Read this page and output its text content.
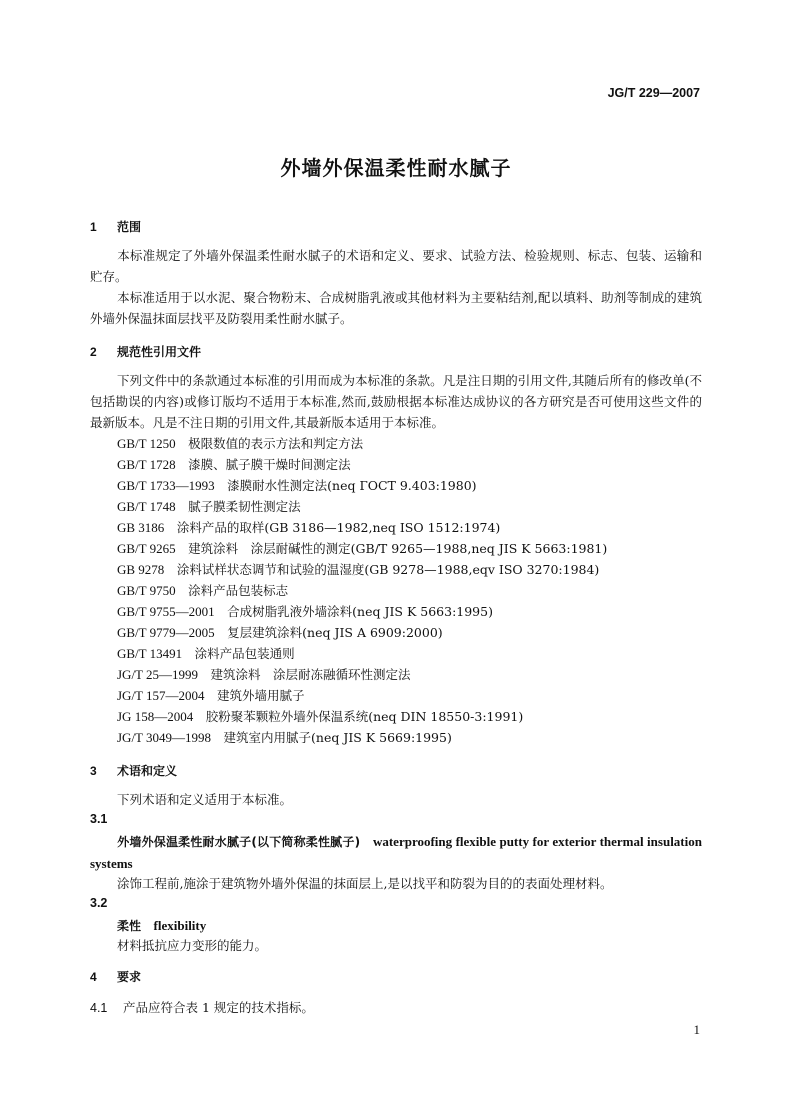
JG/T 229—2007
外墙外保温柔性耐水腻子
1 范围
本标准规定了外墙外保温柔性耐水腻子的术语和定义、要求、试验方法、检验规则、标志、包装、运输和贮存。
本标准适用于以水泥、聚合物粉末、合成树脂乳液或其他材料为主要粘结剂,配以填料、助剂等制成的建筑外墙外保温抹面层找平及防裂用柔性耐水腻子。
2 规范性引用文件
下列文件中的条款通过本标准的引用而成为本标准的条款。凡是注日期的引用文件,其随后所有的修改单(不包括勘误的内容)或修订版均不适用于本标准,然而,鼓励根据本标准达成协议的各方研究是否可使用这些文件的最新版本。凡是不注日期的引用文件,其最新版本适用于本标准。
GB/T 1250　 极限数值的表示方法和判定方法
GB/T 1728　 漆膜、腻子膜干燥时间测定法
GB/T 1733—1993　 漆膜耐水性测定法(neq ГОСТ 9.403:1980)
GB/T 1748　 腻子膜柔韧性测定法
GB 3186　 涂料产品的取样(GB 3186—1982,neq ISO 1512:1974)
GB/T 9265　 建筑涂料　涂层耐碱性的测定(GB/T 9265—1988,neq JIS K 5663:1981)
GB 9278　 涂料试样状态调节和试验的温湿度(GB 9278—1988,eqv ISO 3270:1984)
GB/T 9750　 涂料产品包装标志
GB/T 9755—2001　 合成树脂乳液外墙涂料(neq JIS K 5663:1995)
GB/T 9779—2005　 复层建筑涂料(neq JIS A 6909:2000)
GB/T 13491　 涂料产品包装通则
JG/T 25—1999　 建筑涂料　涂层耐冻融循环性测定法
JG/T 157—2004　 建筑外墙用腻子
JG 158—2004　 胶粉聚苯颗粒外墙外保温系统(neq DIN 18550-3:1991)
JG/T 3049—1998　 建筑室内用腻子(neq JIS K 5669:1995)
3 术语和定义
下列术语和定义适用于本标准。
3.1
外墙外保温柔性耐水腻子(以下简称柔性腻子)　 waterproofing flexible putty for exterior thermal insulation systems
涂饰工程前,施涂于建筑物外墙外保温的抹面层上,是以找平和防裂为目的的表面处理材料。
3.2
柔性　 flexibility
材料抵抗应力变形的能力。
4 要求
4.1 产品应符合表 1 规定的技术指标。
1
